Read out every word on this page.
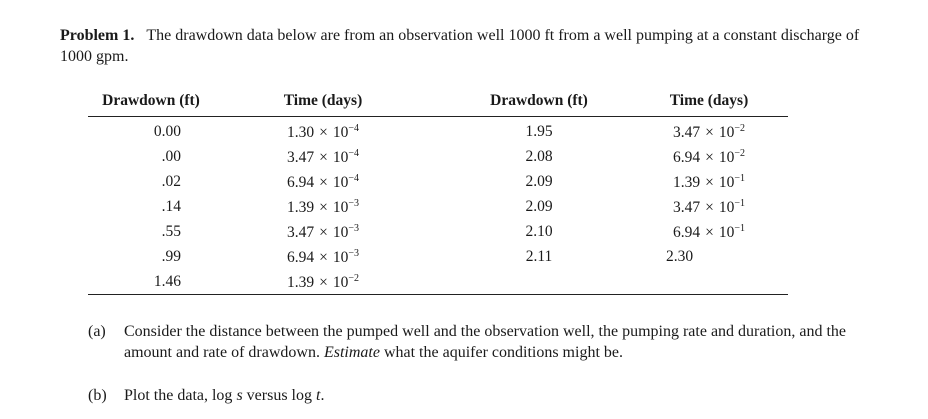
Problem 1. The drawdown data below are from an observation well 1000 ft from a well pumping at a constant discharge of 1000 gpm.
Drawdown (ft)	Time (days)	Drawdown (ft)	Time (days)
0.00	$1.30 \times 10^{-4}$	1.95	$3.47 \times 10^{-2}$
.00	$3.47 \times 10^{-4}$	2.08	$6.94 \times 10^{-2}$
.02	$6.94 \times 10^{-4}$	2.09	$1.39 \times 10^{-1}$
.14	$1.39 \times 10^{-3}$	2.09	$3.47 \times 10^{-1}$
.55	$3.47 \times 10^{-3}$	2.10	$6.94 \times 10^{-1}$
.99	$6.94 \times 10^{-3}$	2.11	2.30
1.46	$1.39 \times 10^{-2}$
(a)	Consider the distance between the pumped well and the observation well, the pumping rate and duration, and the amount and rate of drawdown. Estimate what the aquifer conditions might be.
(b)	Plot the data, log s versus log t.
